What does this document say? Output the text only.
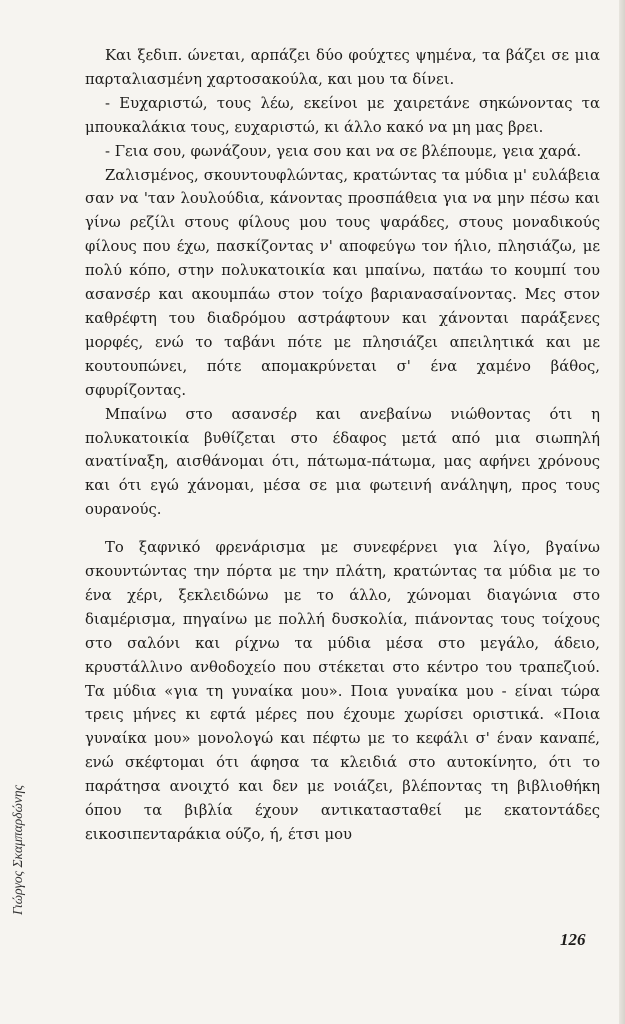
Και ξεδιπ. ώνεται, αρπάζει δύο φούχτες ψημένα, τα βάζει σε μια παρταλιασμένη χαρτοσακούλα, και μου τα δίνει.

- Ευχαριστώ, τους λέω, εκείνοι με χαιρετάνε σηκώνοντας τα μπουκαλάκια τους, ευχαριστώ, κι άλλο κακό να μη μας βρει.

- Γεια σου, φωνάζουν, γεια σου και να σε βλέπουμε, γεια χαρά.

Ζαλισμένος, σκουντουφλώντας, κρατώντας τα μύδια μ' ευλάβεια σαν να 'ταν λουλούδια, κάνοντας προσπάθεια για να μην πέσω και γίνω ρεζίλι στους φίλους μου τους ψαράδες, στους μοναδικούς φίλους που έχω, πασκίζοντας ν' αποφεύγω τον ήλιο, πλησιάζω, με πολύ κόπο, στην πολυκατοικία και μπαίνω, πατάω το κουμπί του ασανσέρ και ακουμπάω στον τοίχο βαριανασαίνοντας. Μες στον καθρέφτη του διαδρόμου αστράφτουν και χάνονται παράξενες μορφές, ενώ το ταβάνι πότε με πλησιάζει απειλητικά και με κουτουπώνει, πότε απομακρύνεται σ' ένα χαμένο βάθος, σφυρίζοντας.

Μπαίνω στο ασανσέρ και ανεβαίνω νιώθοντας ότι η πολυκατοικία βυθίζεται στο έδαφος μετά από μια σιωπηλή ανατίναξη, αισθάνομαι ότι, πάτωμα-πάτωμα, μας αφήνει χρόνους και ότι εγώ χάνομαι, μέσα σε μια φωτεινή ανάληψη, προς τους ουρανούς.

Το ξαφνικό φρενάρισμα με συνεφέρνει για λίγο, βγαίνω σκουντώντας την πόρτα με την πλάτη, κρατώντας τα μύδια με το ένα χέρι, ξεκλειδώνω με το άλλο, χώνομαι διαγώνια στο διαμέρισμα, πηγαίνω με πολλή δυσκολία, πιάνοντας τους τοίχους στο σαλόνι και ρίχνω τα μύδια μέσα στο μεγάλο, άδειο, κρυστάλλινο ανθοδοχείο που στέκεται στο κέντρο του τραπεζιού. Τα μύδια «για τη γυναίκα μου». Ποια γυναίκα μου - είναι τώρα τρεις μήνες κι εφτά μέρες που έχουμε χωρίσει οριστικά. «Ποια γυναίκα μου» μονολογώ και πέφτω με το κεφάλι σ' έναν καναπέ, ενώ σκέφτομαι ότι άφησα τα κλειδιά στο αυτοκίνητο, ότι το παράτησα ανοιχτό και δεν με νοιάζει, βλέποντας τη βιβλιοθήκη όπου τα βιβλία έχουν αντικατασταθεί με εκατοντάδες εικοσιπενταράκια ούζο, ή, έτσι μου

Γιώργος Σκαμπαρδώνης
126
